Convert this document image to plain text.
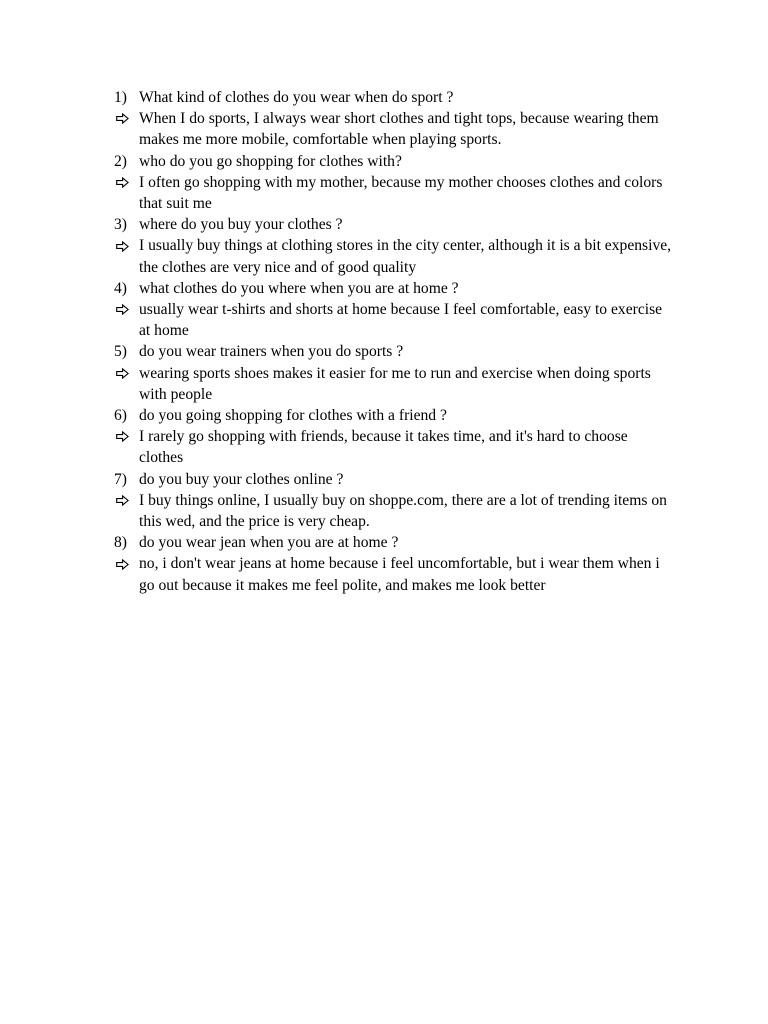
1) What kind of clothes do you wear when do sport ?
When I do sports, I always wear short clothes and tight tops, because wearing them makes me more mobile, comfortable when playing sports.
2) who do you go shopping for clothes with?
I often go shopping with my mother, because my mother chooses clothes and colors that suit me
3) where do you buy your clothes ?
I usually buy things at clothing stores in the city center, although it is a bit expensive, the clothes are very nice and of good quality
4) what clothes do you where when you are at home ?
usually wear t-shirts and shorts at home because I feel comfortable, easy to exercise at home
5) do you wear trainers when you do sports ?
wearing sports shoes makes it easier for me to run and exercise when doing sports with people
6) do you going shopping for clothes with a friend ?
I rarely go shopping with friends, because it takes time, and it's hard to choose clothes
7) do you buy your clothes online ?
I buy things online, I usually buy on shoppe.com, there are a lot of trending items on this wed, and the price is very cheap.
8) do you wear jean when you are at home ?
no, i don't wear jeans at home because i feel uncomfortable, but i wear them when i go out because it makes me feel polite, and makes me look better
